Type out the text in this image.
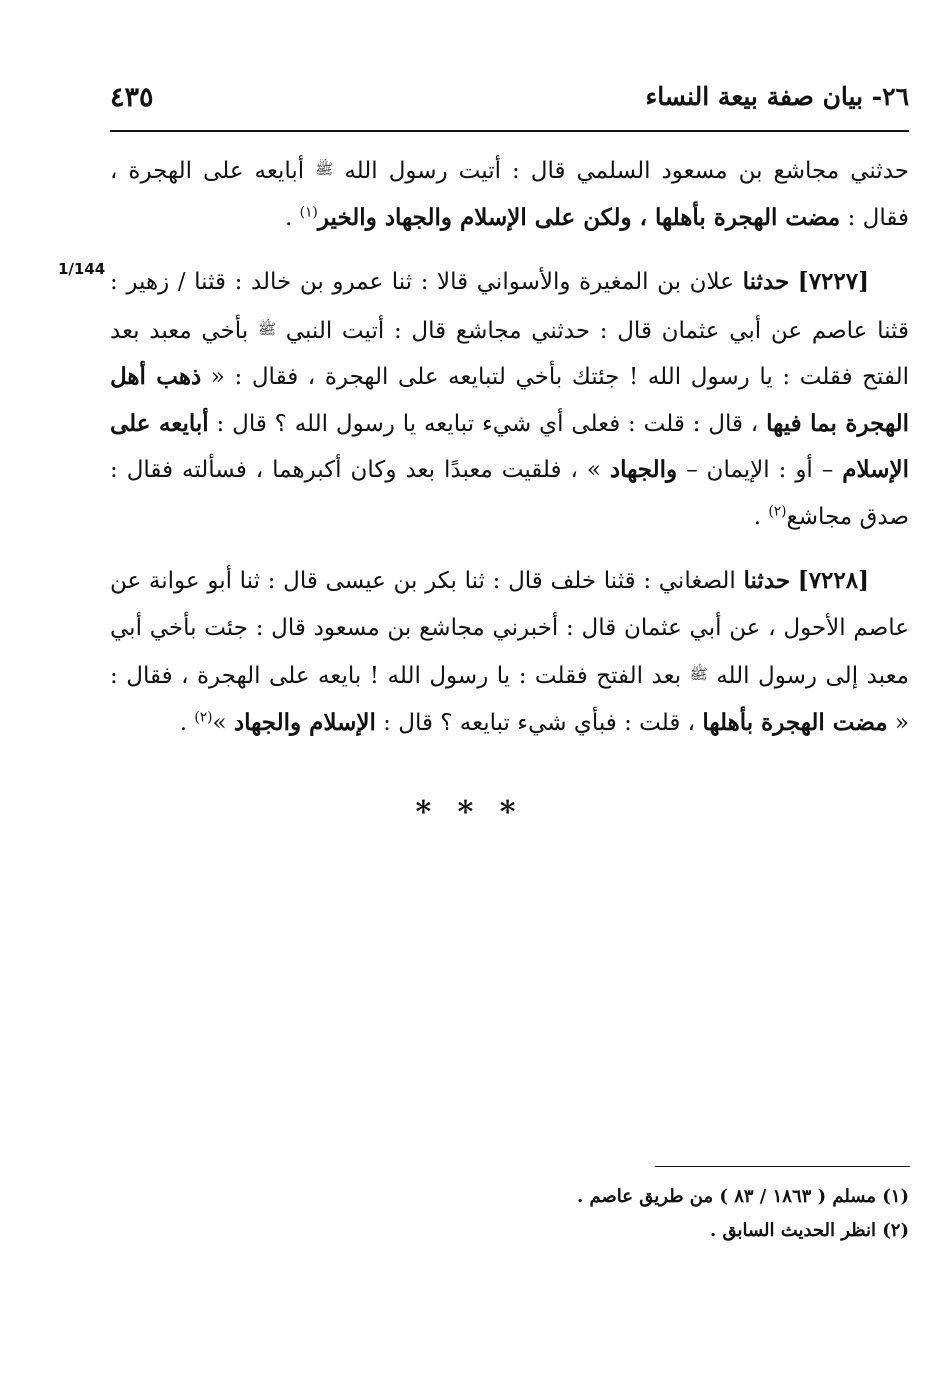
٢٦- بيان صفة بيعة النساء
٤٣٥
1/144

حدثني مجاشع بن مسعود السلمي قال : أتيت رسول الله ﷺ أبايعه على الهجرة ، فقال : مضت الهجرة بأهلها ، ولكن على الإسلام والجهاد والخير$^{(١)}$ .

[٧٢٢٧] حدثنا علان بن المغيرة والأسواني قالا : ثنا عمرو بن خالد : قثنا / زهير : قثنا عاصم عن أبي عثمان قال : حدثني مجاشع قال : أتيت النبي ﷺ بأخي معبد بعد الفتح فقلت : يا رسول الله ! جئتك بأخي لتبايعه على الهجرة ، فقال : « ذهب أهل الهجرة بما فيها ، قال : قلت : فعلى أي شيء تبايعه يا رسول الله ؟ قال : أبايعه على الإسلام – أو : الإيمان – والجهاد » ، فلقيت معبدًا بعد وكان أكبرهما ، فسألته فقال : صدق مجاشع$^{(٢)}$ .

[٧٢٢٨] حدثنا الصغاني : قثنا خلف قال : ثنا بكر بن عيسى قال : ثنا أبو عوانة عن عاصم الأحول ، عن أبي عثمان قال : أخبرني مجاشع بن مسعود قال : جئت بأخي أبي معبد إلى رسول الله ﷺ بعد الفتح فقلت : يا رسول الله ! بايعه على الهجرة ، فقال : « مضت الهجرة بأهلها ، قلت : فبأي شيء تبايعه ؟ قال : الإسلام والجهاد »$^{(٢)}$ .

* * *
(١) مسلم ( ١٨٦٣ / ٨٣ ) من طريق عاصم .
(٢) انظر الحديث السابق .
